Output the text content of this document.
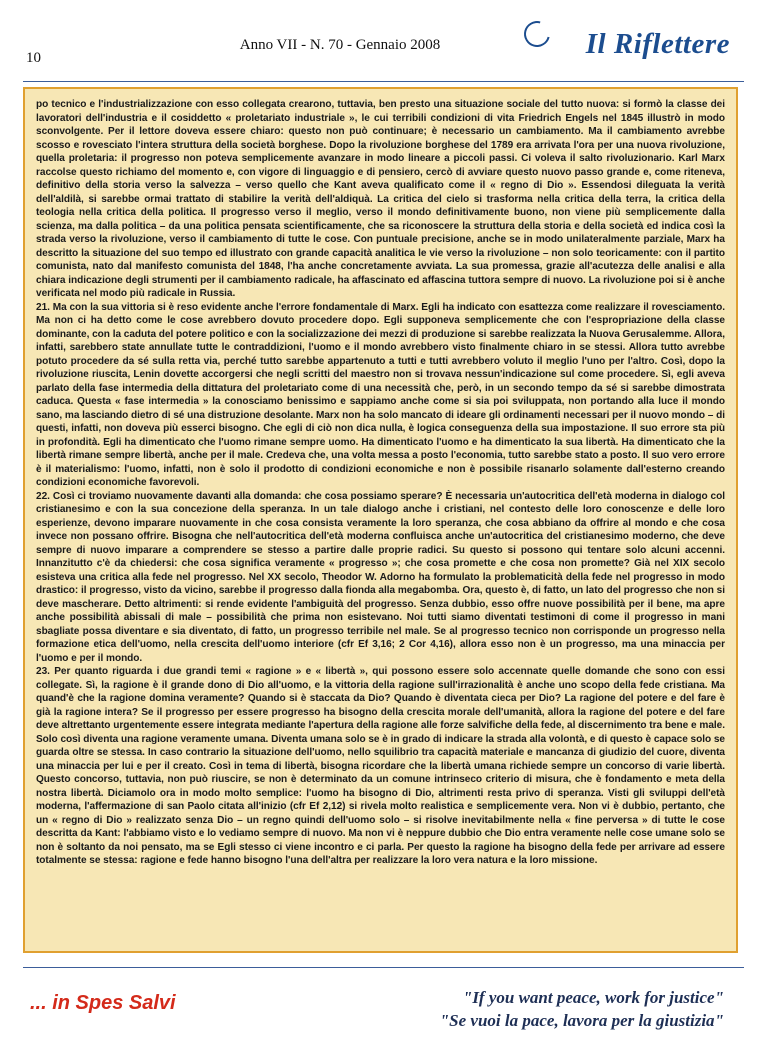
10
Anno VII - N. 70 - Gennaio 2008	Il Riflettere

po tecnico e l'industrializzazione con esso collegata crearono, tuttavia, ben presto una situazione sociale del tutto nuova: si formò la classe dei lavoratori dell'industria e il cosiddetto « proletariato industriale », le cui terribili condizioni di vita Friedrich Engels nel 1845 illustrò in modo sconvolgente. Per il lettore doveva essere chiaro: questo non può continuare; è necessario un cambiamento. Ma il cambiamento avrebbe scosso e rovesciato l'intera struttura della società borghese. Dopo la rivoluzione borghese del 1789 era arrivata l'ora per una nuova rivoluzione, quella proletaria: il progresso non poteva semplicemente avanzare in modo lineare a piccoli passi. Ci voleva il salto rivoluzionario. Karl Marx raccolse questo richiamo del momento e, con vigore di linguaggio e di pensiero, cercò di avviare questo nuovo passo grande e, come riteneva, definitivo della storia verso la salvezza – verso quello che Kant aveva qualificato come il « regno di Dio ». Essendosi dileguata la verità dell'aldilà, si sarebbe ormai trattato di stabilire la verità dell'aldiquà. La critica del cielo si trasforma nella critica della terra, la critica della teologia nella critica della politica. Il progresso verso il meglio, verso il mondo definitivamente buono, non viene più semplicemente dalla scienza, ma dalla politica – da una politica pensata scientificamente, che sa riconoscere la struttura della storia e della società ed indica così la strada verso la rivoluzione, verso il cambiamento di tutte le cose. Con puntuale precisione, anche se in modo unilateralmente parziale, Marx ha descritto la situazione del suo tempo ed illustrato con grande capacità analitica le vie verso la rivoluzione – non solo teoricamente: con il partito comunista, nato dal manifesto comunista del 1848, l'ha anche concretamente avviata. La sua promessa, grazie all'acutezza delle analisi e alla chiara indicazione degli strumenti per il cambiamento radicale, ha affascinato ed affascina tuttora sempre di nuovo. La rivoluzione poi si è anche verificata nel modo più radicale in Russia.

21. Ma con la sua vittoria si è reso evidente anche l'errore fondamentale di Marx. Egli ha indicato con esattezza come realizzare il rovesciamento. Ma non ci ha detto come le cose avrebbero dovuto procedere dopo. Egli supponeva semplicemente che con l'espropriazione della classe dominante, con la caduta del potere politico e con la socializzazione dei mezzi di produzione si sarebbe realizzata la Nuova Gerusalemme. Allora, infatti, sarebbero state annullate tutte le contraddizioni, l'uomo e il mondo avrebbero visto finalmente chiaro in se stessi. Allora tutto avrebbe potuto procedere da sé sulla retta via, perché tutto sarebbe appartenuto a tutti e tutti avrebbero voluto il meglio l'uno per l'altro. Così, dopo la rivoluzione riuscita, Lenin dovette accorgersi che negli scritti del maestro non si trovava nessun'indicazione sul come procedere. Sì, egli aveva parlato della fase intermedia della dittatura del proletariato come di una necessità che, però, in un secondo tempo da sé si sarebbe dimostrata caduca. Questa « fase intermedia » la conosciamo benissimo e sappiamo anche come si sia poi sviluppata, non portando alla luce il mondo sano, ma lasciando dietro di sé una distruzione desolante. Marx non ha solo mancato di ideare gli ordinamenti necessari per il nuovo mondo – di questi, infatti, non doveva più esserci bisogno. Che egli di ciò non dica nulla, è logica conseguenza della sua impostazione. Il suo errore sta più in profondità. Egli ha dimenticato che l'uomo rimane sempre uomo. Ha dimenticato l'uomo e ha dimenticato la sua libertà. Ha dimenticato che la libertà rimane sempre libertà, anche per il male. Credeva che, una volta messa a posto l'economia, tutto sarebbe stato a posto. Il suo vero errore è il materialismo: l'uomo, infatti, non è solo il prodotto di condizioni economiche e non è possibile risanarlo solamente dall'esterno creando condizioni economiche favorevoli.

22. Così ci troviamo nuovamente davanti alla domanda: che cosa possiamo sperare? È necessaria un'autocritica dell'età moderna in dialogo col cristianesimo e con la sua concezione della speranza. In un tale dialogo anche i cristiani, nel contesto delle loro conoscenze e delle loro esperienze, devono imparare nuovamente in che cosa consista veramente la loro speranza, che cosa abbiano da offrire al mondo e che cosa invece non possano offrire. Bisogna che nell'autocritica dell'età moderna confluisca anche un'autocritica del cristianesimo moderno, che deve sempre di nuovo imparare a comprendere se stesso a partire dalle proprie radici. Su questo si possono qui tentare solo alcuni accenni. Innanzitutto c'è da chiedersi: che cosa significa veramente « progresso »; che cosa promette e che cosa non promette? Già nel XIX secolo esisteva una critica alla fede nel progresso. Nel XX secolo, Theodor W. Adorno ha formulato la problematicità della fede nel progresso in modo drastico: il progresso, visto da vicino, sarebbe il progresso dalla fionda alla megabomba. Ora, questo è, di fatto, un lato del progresso che non si deve mascherare. Detto altrimenti: si rende evidente l'ambiguità del progresso. Senza dubbio, esso offre nuove possibilità per il bene, ma apre anche possibilità abissali di male – possibilità che prima non esistevano. Noi tutti siamo diventati testimoni di come il progresso in mani sbagliate possa diventare e sia diventato, di fatto, un progresso terribile nel male. Se al progresso tecnico non corrisponde un progresso nella formazione etica dell'uomo, nella crescita dell'uomo interiore (cfr Ef 3,16; 2 Cor 4,16), allora esso non è un progresso, ma una minaccia per l'uomo e per il mondo.

23. Per quanto riguarda i due grandi temi « ragione » e « libertà », qui possono essere solo accennate quelle domande che sono con essi collegate. Sì, la ragione è il grande dono di Dio all'uomo, e la vittoria della ragione sull'irrazionalità è anche uno scopo della fede cristiana. Ma quand'è che la ragione domina veramente? Quando si è staccata da Dio? Quando è diventata cieca per Dio? La ragione del potere e del fare è già la ragione intera? Se il progresso per essere progresso ha bisogno della crescita morale dell'umanità, allora la ragione del potere e del fare deve altrettanto urgentemente essere integrata mediante l'apertura della ragione alle forze salvifiche della fede, al discernimento tra bene e male. Solo così diventa una ragione veramente umana. Diventa umana solo se è in grado di indicare la strada alla volontà, e di questo è capace solo se guarda oltre se stessa. In caso contrario la situazione dell'uomo, nello squilibrio tra capacità materiale e mancanza di giudizio del cuore, diventa una minaccia per lui e per il creato. Così in tema di libertà, bisogna ricordare che la libertà umana richiede sempre un concorso di varie libertà. Questo concorso, tuttavia, non può riuscire, se non è determinato da un comune intrinseco criterio di misura, che è fondamento e meta della nostra libertà. Diciamolo ora in modo molto semplice: l'uomo ha bisogno di Dio, altrimenti resta privo di speranza. Visti gli sviluppi dell'età moderna, l'affermazione di san Paolo citata all'inizio (cfr Ef 2,12) si rivela molto realistica e semplicemente vera. Non vi è dubbio, pertanto, che un « regno di Dio » realizzato senza Dio – un regno quindi dell'uomo solo – si risolve inevitabilmente nella « fine perversa » di tutte le cose descritta da Kant: l'abbiamo visto e lo vediamo sempre di nuovo. Ma non vi è neppure dubbio che Dio entra veramente nelle cose umane solo se non è soltanto da noi pensato, ma se Egli stesso ci viene incontro e ci parla. Per questo la ragione ha bisogno della fede per arrivare ad essere totalmente se stessa: ragione e fede hanno bisogno l'una dell'altra per realizzare la loro vera natura e la loro missione.

... in Spes Salvi	"If you want peace, work for justice"
"Se vuoi la pace, lavora per la giustizia"
